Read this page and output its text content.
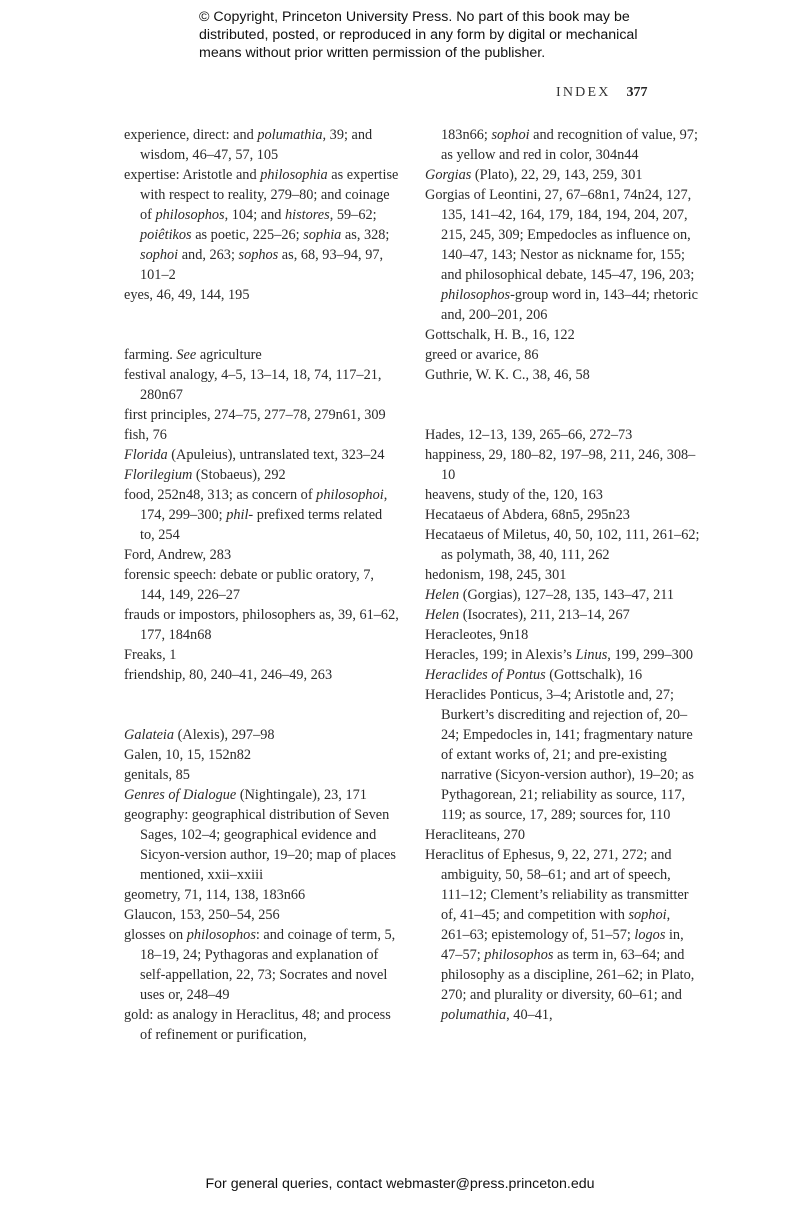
© Copyright, Princeton University Press. No part of this book may be
distributed, posted, or reproduced in any form by digital or mechanical
means without prior written permission of the publisher.
INDEX 377

experience, direct: and polumathia, 39; and wisdom, 46–47, 57, 105

expertise: Aristotle and philosophia as expertise with respect to reality, 279–80; and coinage of philosophos, 104; and histores, 59–62; poiêtikos as poetic, 225–26; sophia as, 328; sophoi and, 263; sophos as, 68, 93–94, 97, 101–2

eyes, 46, 49, 144, 195

farming. See agriculture

festival analogy, 4–5, 13–14, 18, 74, 117–21, 280n67

first principles, 274–75, 277–78, 279n61, 309

fish, 76

Florida (Apuleius), untranslated text, 323–24

Florilegium (Stobaeus), 292

food, 252n48, 313; as concern of philosophoi, 174, 299–300; phil- prefixed terms related to, 254

Ford, Andrew, 283

forensic speech: debate or public oratory, 7, 144, 149, 226–27

frauds or impostors, philosophers as, 39, 61–62, 177, 184n68

Freaks, 1

friendship, 80, 240–41, 246–49, 263

Galateia (Alexis), 297–98

Galen, 10, 15, 152n82

genitals, 85

Genres of Dialogue (Nightingale), 23, 171

geography: geographical distribution of Seven Sages, 102–4; geographical evidence and Sicyon-version author, 19–20; map of places mentioned, xxii–xxiii

geometry, 71, 114, 138, 183n66

Glaucon, 153, 250–54, 256

glosses on philosophos: and coinage of term, 5, 18–19, 24; Pythagoras and explanation of self-appellation, 22, 73; Socrates and novel uses or, 248–49

gold: as analogy in Heraclitus, 48; and process of refinement or purification,

183n66; sophoi and recognition of value, 97; as yellow and red in color, 304n44

Gorgias (Plato), 22, 29, 143, 259, 301

Gorgias of Leontini, 27, 67–68n1, 74n24, 127, 135, 141–42, 164, 179, 184, 194, 204, 207, 215, 245, 309; Empedocles as influence on, 140–47, 143; Nestor as nickname for, 155; and philosophical debate, 145–47, 196, 203; philosophos-group word in, 143–44; rhetoric and, 200–201, 206

Gottschalk, H. B., 16, 122

greed or avarice, 86

Guthrie, W. K. C., 38, 46, 58

Hades, 12–13, 139, 265–66, 272–73

happiness, 29, 180–82, 197–98, 211, 246, 308–10

heavens, study of the, 120, 163

Hecataeus of Abdera, 68n5, 295n23

Hecataeus of Miletus, 40, 50, 102, 111, 261–62; as polymath, 38, 40, 111, 262

hedonism, 198, 245, 301

Helen (Gorgias), 127–28, 135, 143–47, 211

Helen (Isocrates), 211, 213–14, 267

Heracleotes, 9n18

Heracles, 199; in Alexis’s Linus, 199, 299–300

Heraclides of Pontus (Gottschalk), 16

Heraclides Ponticus, 3–4; Aristotle and, 27; Burkert’s discrediting and rejection of, 20–24; Empedocles in, 141; fragmentary nature of extant works of, 21; and pre-existing narrative (Sicyon-version author), 19–20; as Pythagorean, 21; reliability as source, 117, 119; as source, 17, 289; sources for, 110

Heracliteans, 270

Heraclitus of Ephesus, 9, 22, 271, 272; and ambiguity, 50, 58–61; and art of speech, 111–12; Clement’s reliability as transmitter of, 41–45; and competition with sophoi, 261–63; epistemology of, 51–57; logos in, 47–57; philosophos as term in, 63–64; and philosophy as a discipline, 261–62; in Plato, 270; and plurality or diversity, 60–61; and polumathia, 40–41,

For general queries, contact webmaster@press.princeton.edu
